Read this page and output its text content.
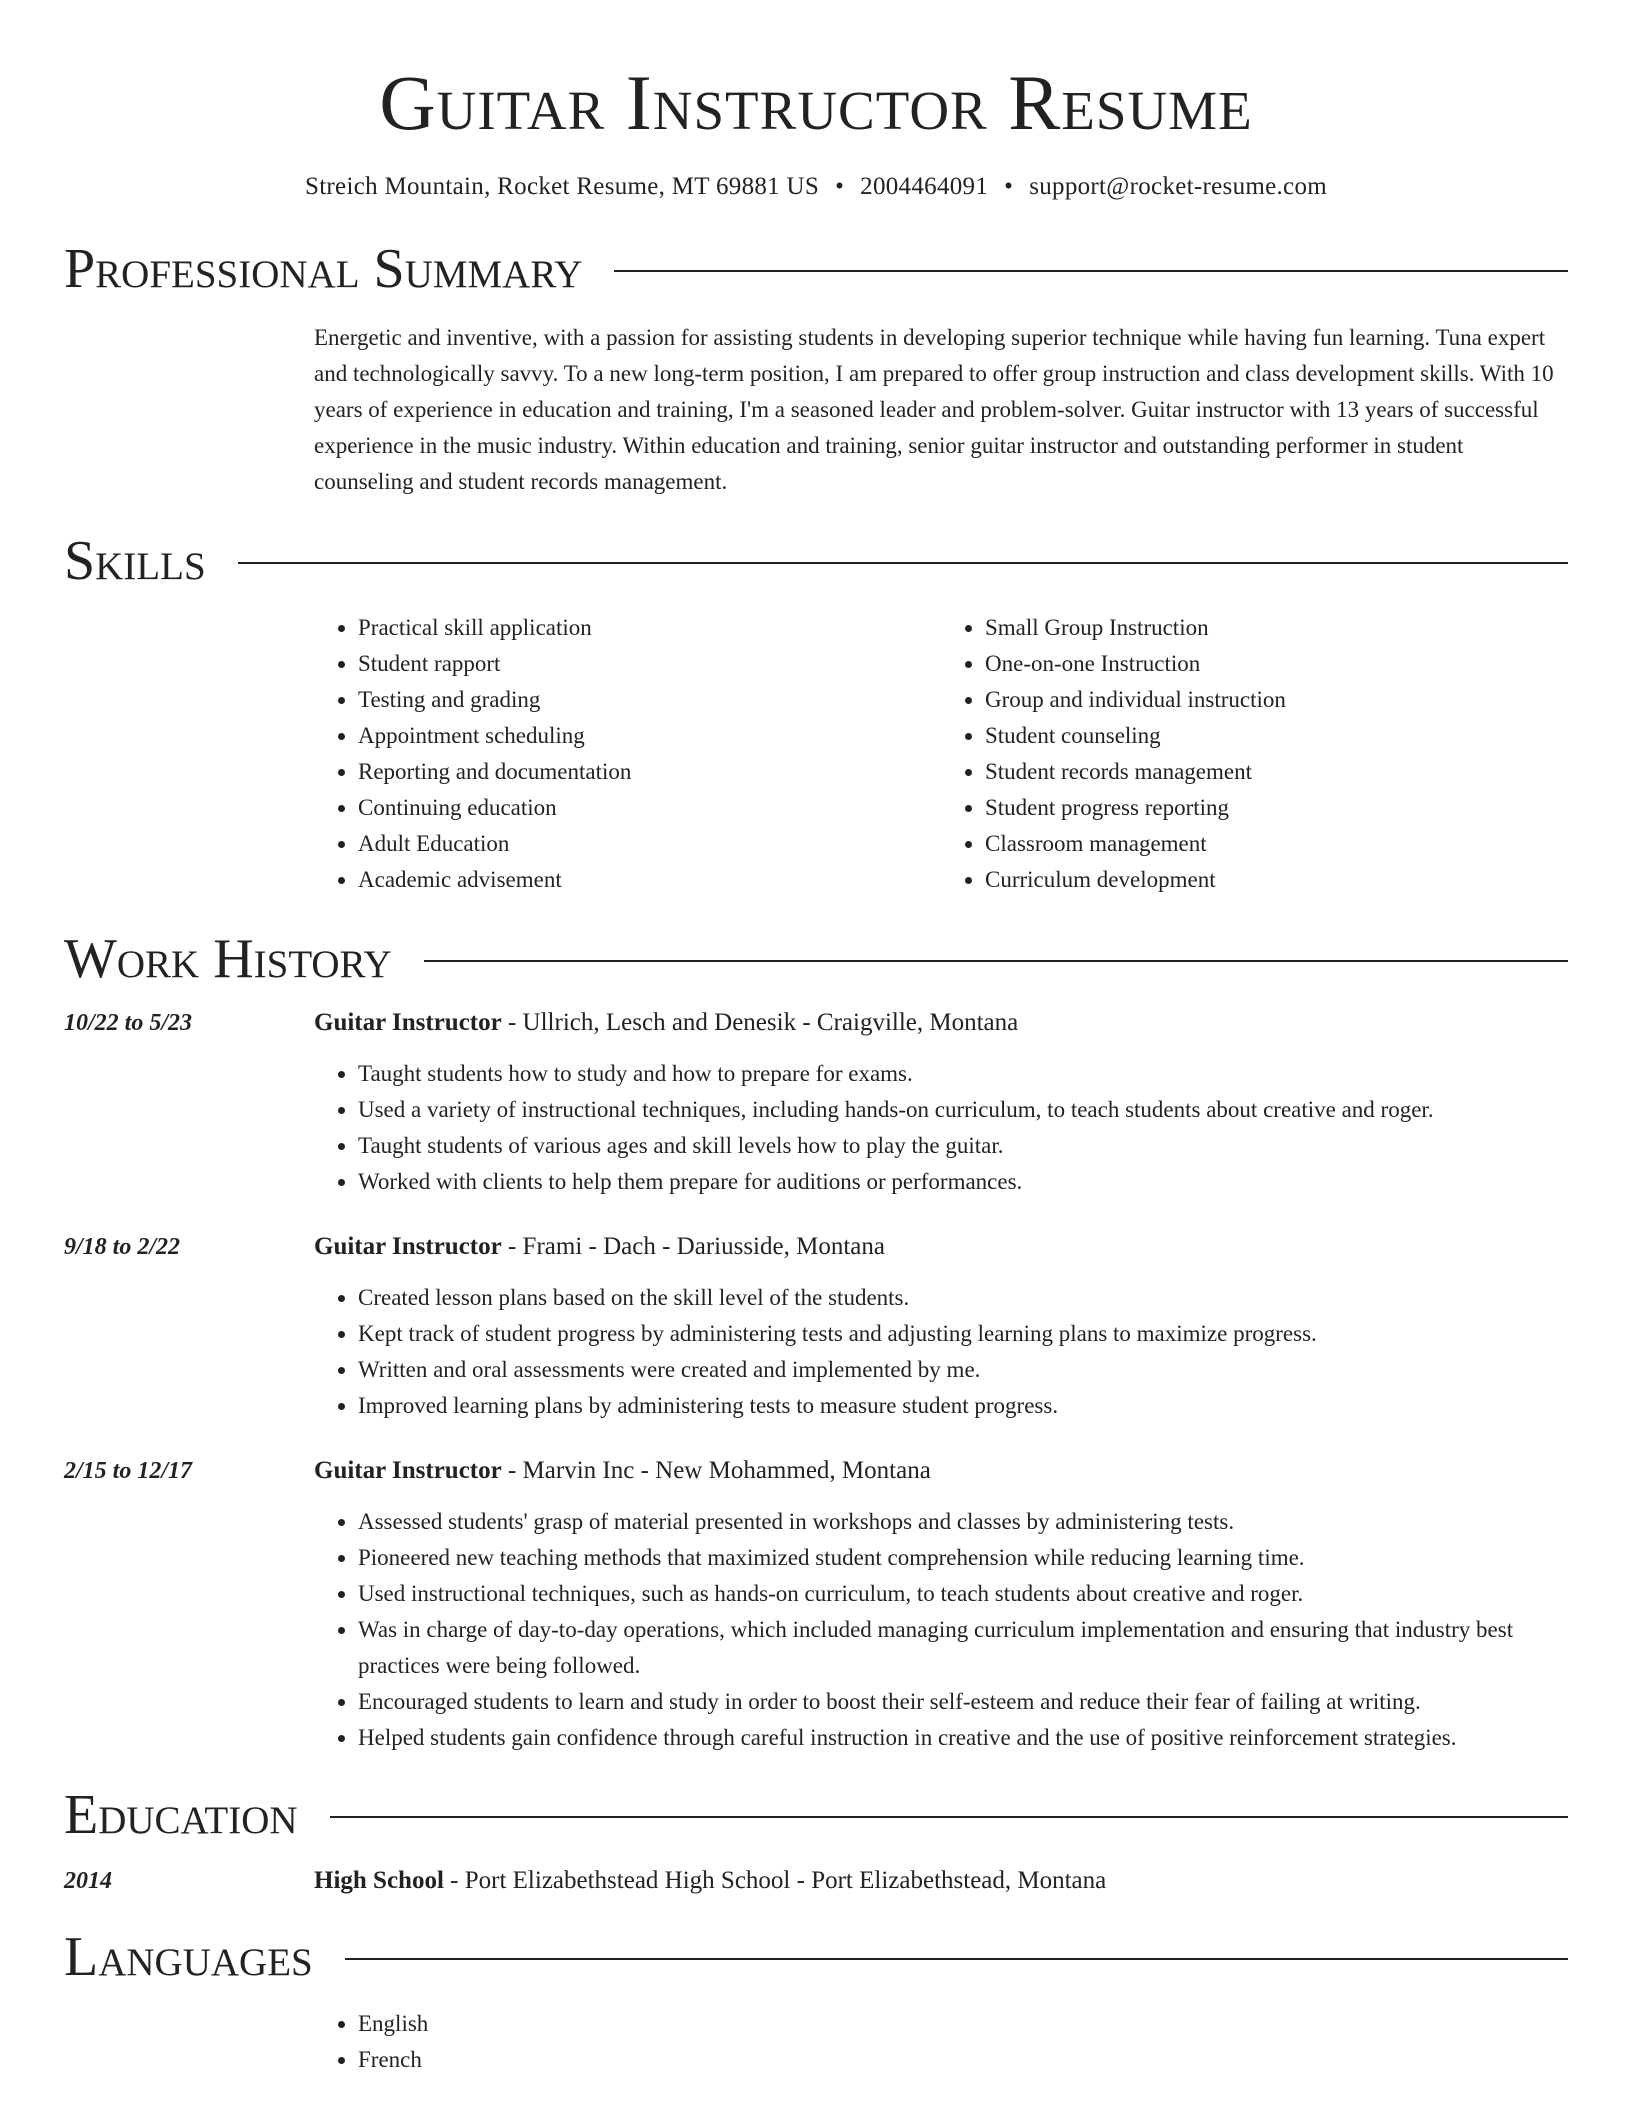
Guitar Instructor Resume
Streich Mountain, Rocket Resume, MT 69881 US • 2004464091 • support@rocket-resume.com
Professional Summary

Energetic and inventive, with a passion for assisting students in developing superior technique while having fun learning. Tuna expert and technologically savvy. To a new long-term position, I am prepared to offer group instruction and class development skills. With 10 years of experience in education and training, I'm a seasoned leader and problem-solver. Guitar instructor with 13 years of successful experience in the music industry. Within education and training, senior guitar instructor and outstanding performer in student counseling and student records management.

Skills
• Practical skill application
• Student rapport
• Testing and grading
• Appointment scheduling
• Reporting and documentation
• Continuing education
• Adult Education
• Academic advisement
• Small Group Instruction
• One-on-one Instruction
• Group and individual instruction
• Student counseling
• Student records management
• Student progress reporting
• Classroom management
• Curriculum development
Work History
10/22 to 5/23	Guitar Instructor - Ullrich, Lesch and Denesik - Craigville, Montana
• Taught students how to study and how to prepare for exams.
• Used a variety of instructional techniques, including hands-on curriculum, to teach students about creative and roger.
• Taught students of various ages and skill levels how to play the guitar.
• Worked with clients to help them prepare for auditions or performances.
9/18 to 2/22	Guitar Instructor - Frami - Dach - Dariusside, Montana
• Created lesson plans based on the skill level of the students.
• Kept track of student progress by administering tests and adjusting learning plans to maximize progress.
• Written and oral assessments were created and implemented by me.
• Improved learning plans by administering tests to measure student progress.
2/15 to 12/17	Guitar Instructor - Marvin Inc - New Mohammed, Montana
• Assessed students' grasp of material presented in workshops and classes by administering tests.
• Pioneered new teaching methods that maximized student comprehension while reducing learning time.
• Used instructional techniques, such as hands-on curriculum, to teach students about creative and roger.
• Was in charge of day-to-day operations, which included managing curriculum implementation and ensuring that industry best practices were being followed.
• Encouraged students to learn and study in order to boost their self-esteem and reduce their fear of failing at writing.
• Helped students gain confidence through careful instruction in creative and the use of positive reinforcement strategies.
Education
2014	High School - Port Elizabethstead High School - Port Elizabethstead, Montana
Languages
• English
• French
